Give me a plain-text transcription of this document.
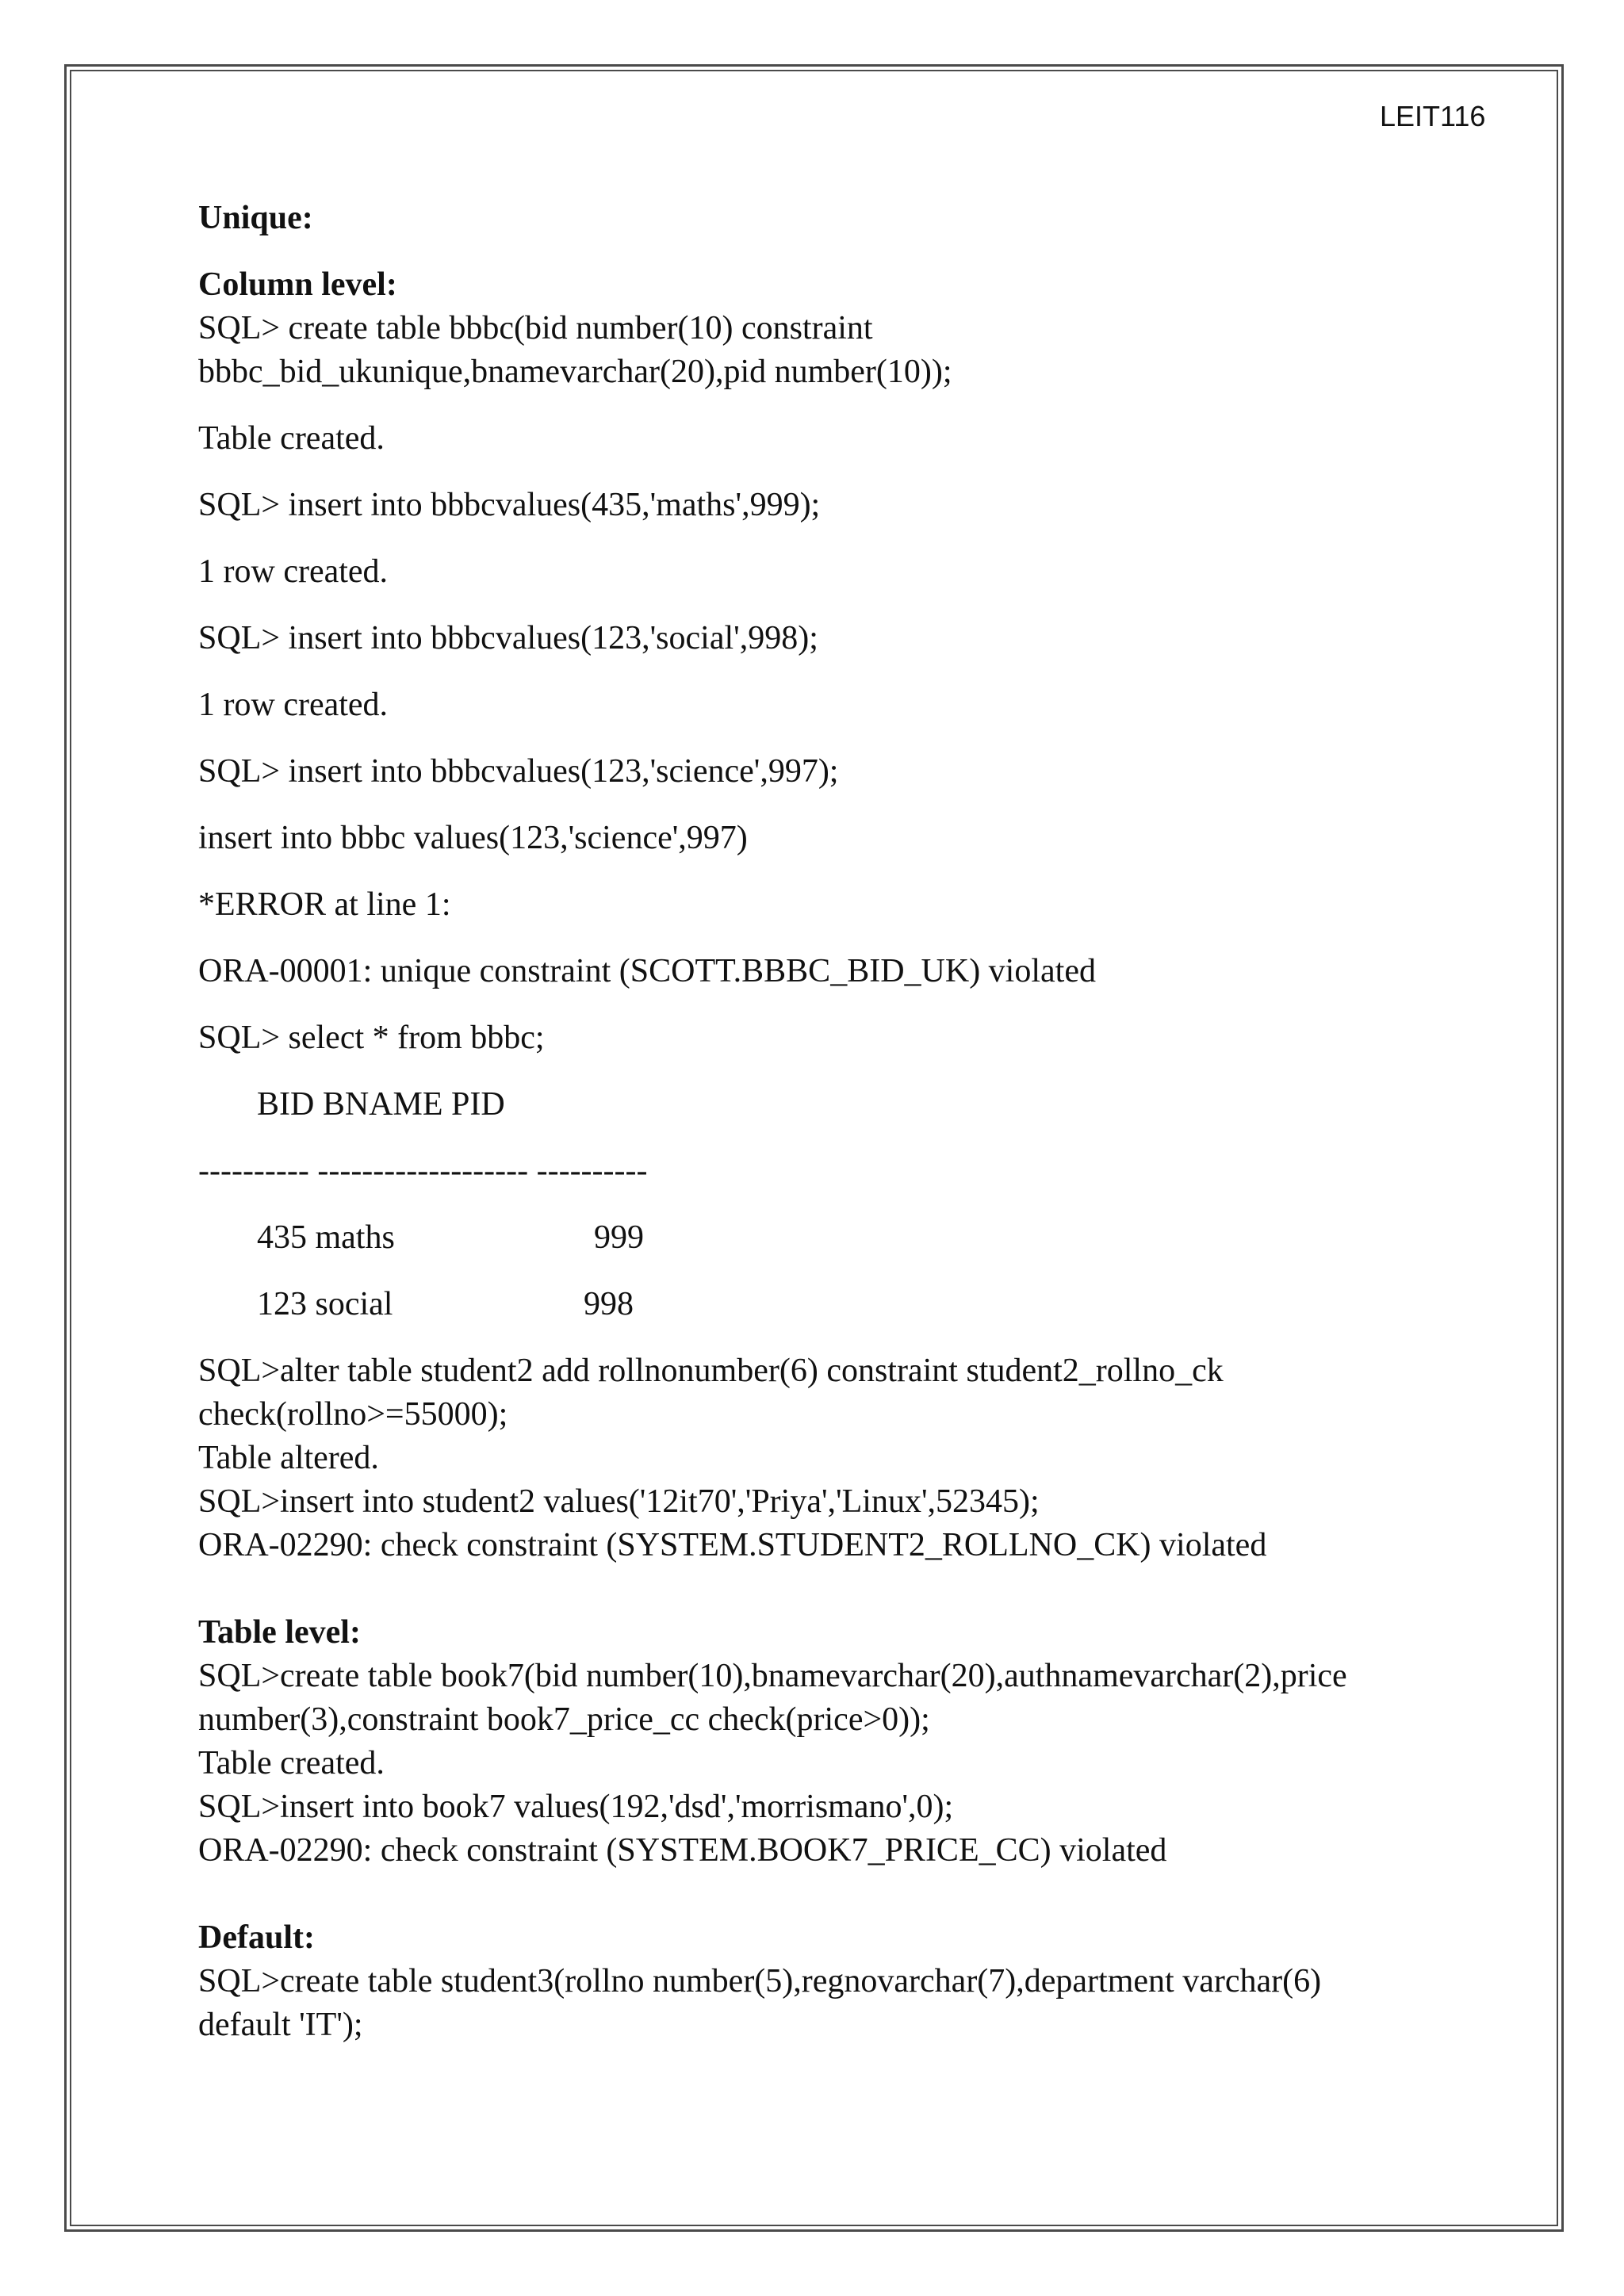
LEIT116
Unique:
Column level:
SQL> create table bbbc(bid number(10) constraint
bbbc_bid_ukunique,bnamevarchar(20),pid number(10));
Table created.
SQL> insert into bbbcvalues(435,'maths',999);
1 row created.
SQL> insert into bbbcvalues(123,'social',998);
1 row created.
SQL> insert into bbbcvalues(123,'science',997);
insert into bbbc values(123,'science',997)
*ERROR at line 1:
ORA-00001: unique constraint (SCOTT.BBBC_BID_UK) violated
SQL> select * from bbbc;
BID BNAME PID
---------- ------------------- ----------
435 maths	999
123 social	998
SQL>alter table student2 add rollnonumber(6) constraint student2_rollno_ck
check(rollno>=55000);
Table altered.
SQL>insert into student2 values('12it70','Priya','Linux',52345);
ORA-02290: check constraint (SYSTEM.STUDENT2_ROLLNO_CK) violated
Table level:
SQL>create table book7(bid number(10),bnamevarchar(20),authnamevarchar(2),price
number(3),constraint book7_price_cc check(price>0));
Table created.
SQL>insert into book7 values(192,'dsd','morrismano',0);
ORA-02290: check constraint (SYSTEM.BOOK7_PRICE_CC) violated
Default:
SQL>create table student3(rollno number(5),regnovarchar(7),department varchar(6)
default 'IT');
